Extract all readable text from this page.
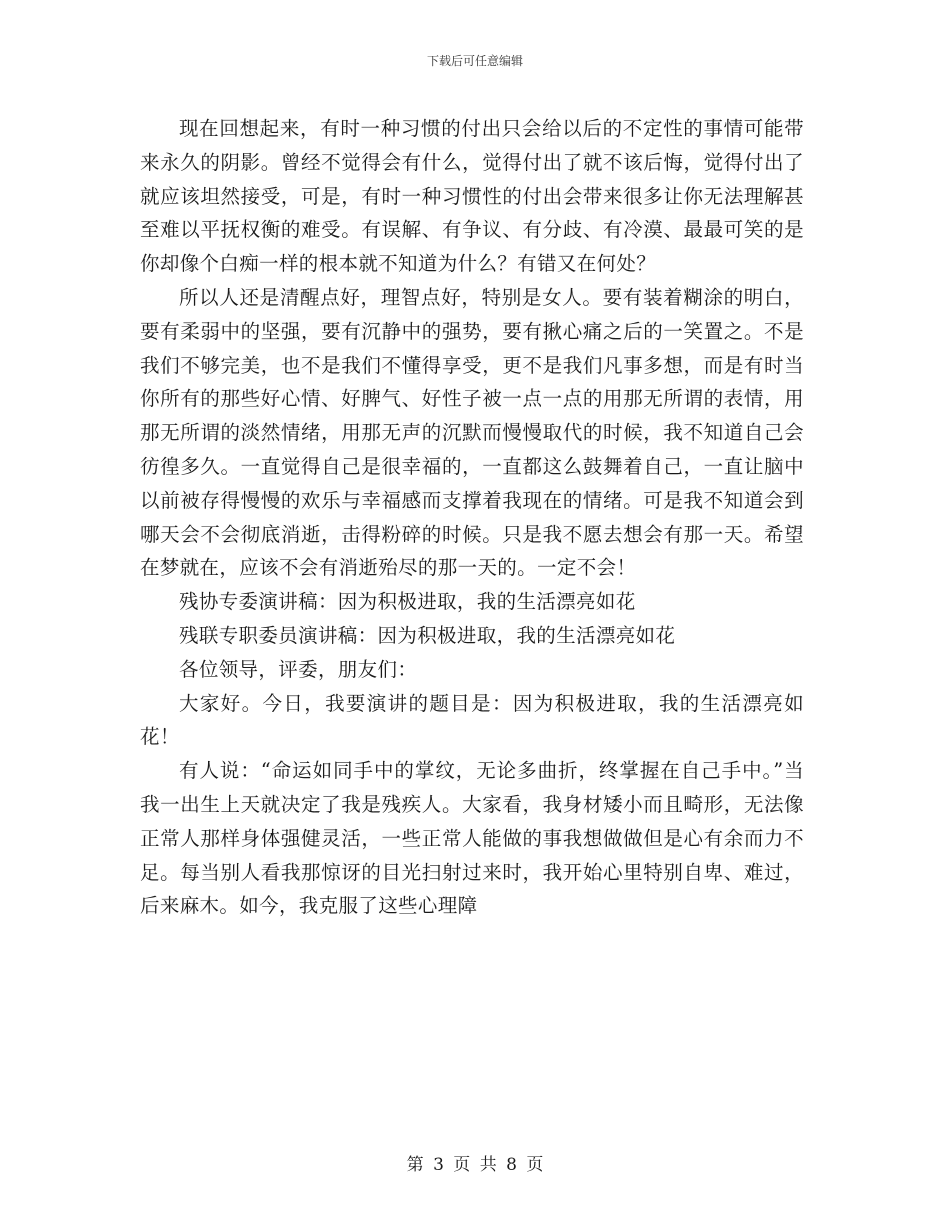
下载后可任意编辑

现在回想起来，有时一种习惯的付出只会给以后的不定性的事情可能带来永久的阴影。曾经不觉得会有什么，觉得付出了就不该后悔，觉得付出了就应该坦然接受，可是，有时一种习惯性的付出会带来很多让你无法理解甚至难以平抚权衡的难受。有误解、有争议、有分歧、有冷漠、最最可笑的是你却像个白痴一样的根本就不知道为什么？有错又在何处？

所以人还是清醒点好，理智点好，特别是女人。要有装着糊涂的明白，要有柔弱中的坚强，要有沉静中的强势，要有揪心痛之后的一笑置之。不是我们不够完美，也不是我们不懂得享受，更不是我们凡事多想，而是有时当你所有的那些好心情、好脾气、好性子被一点一点的用那无所谓的表情，用那无所谓的淡然情绪，用那无声的沉默而慢慢取代的时候，我不知道自己会彷徨多久。一直觉得自己是很幸福的，一直都这么鼓舞着自己，一直让脑中以前被存得慢慢的欢乐与幸福感而支撑着我现在的情绪。可是我不知道会到哪天会不会彻底消逝，击得粉碎的时候。只是我不愿去想会有那一天。希望在梦就在，应该不会有消逝殆尽的那一天的。一定不会！

残协专委演讲稿：因为积极进取，我的生活漂亮如花

残联专职委员演讲稿：因为积极进取，我的生活漂亮如花

各位领导，评委，朋友们：

大家好。今日，我要演讲的题目是：因为积极进取，我的生活漂亮如花！

有人说：“命运如同手中的掌纹，无论多曲折，终掌握在自己手中。”当我一出生上天就决定了我是残疾人。大家看，我身材矮小而且畸形，无法像正常人那样身体强健灵活，一些正常人能做的事我想做做但是心有余而力不足。每当别人看我那惊讶的目光扫射过来时，我开始心里特别自卑、难过，后来麻木。如今，我克服了这些心理障

第 3 页 共 8 页
